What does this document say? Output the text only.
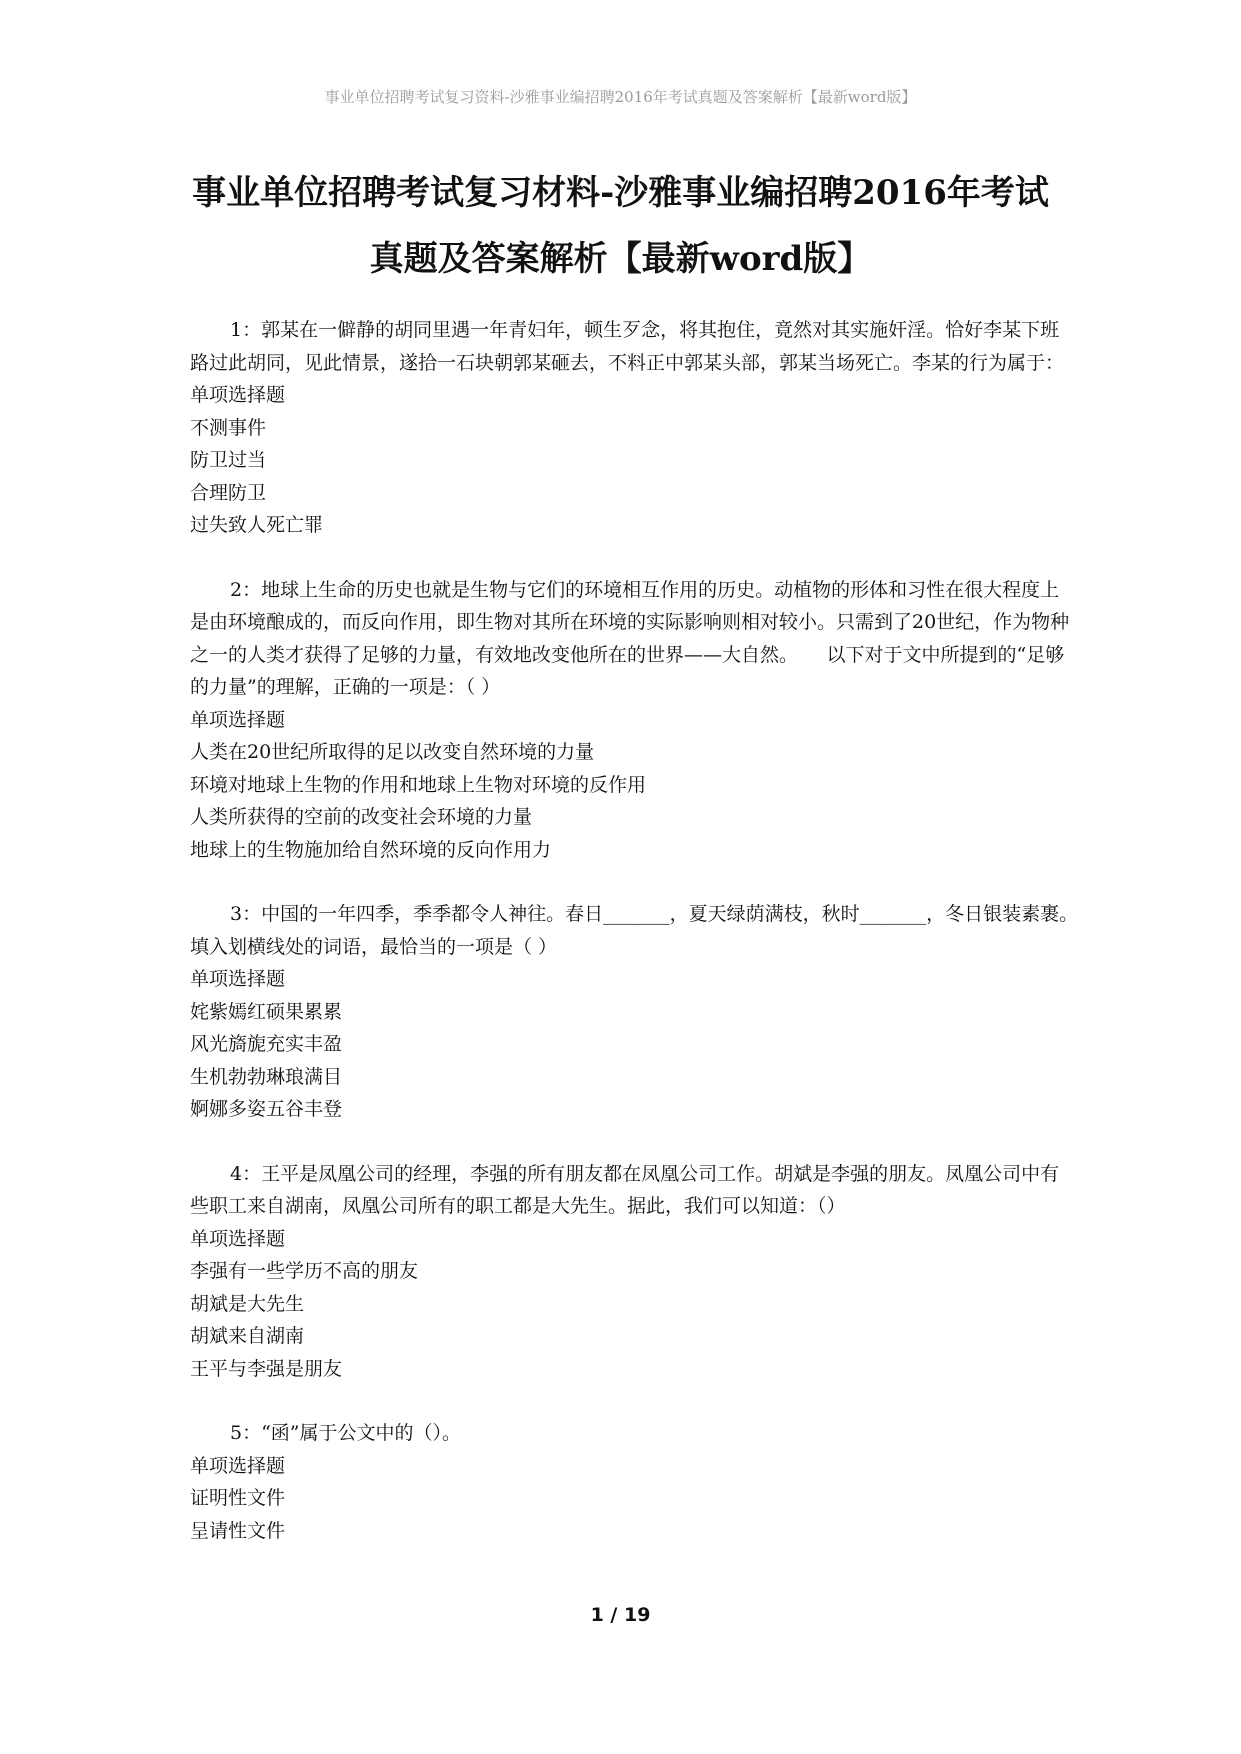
事业单位招聘考试复习资料-沙雅事业编招聘2016年考试真题及答案解析【最新word版】
事业单位招聘考试复习材料-沙雅事业编招聘2016年考试
真题及答案解析【最新word版】
1：郭某在一僻静的胡同里遇一年青妇年，顿生歹念，将其抱住，竟然对其实施奸淫。恰好李某下班路过此胡同，见此情景，遂拾一石块朝郭某砸去，不料正中郭某头部，郭某当场死亡。李某的行为属于：
单项选择题
不测事件
防卫过当
合理防卫
过失致人死亡罪
2：地球上生命的历史也就是生物与它们的环境相互作用的历史。动植物的形体和习性在很大程度上是由环境酿成的，而反向作用，即生物对其所在环境的实际影响则相对较小。只需到了20世纪，作为物种之一的人类才获得了足够的力量，有效地改变他所在的世界——大自然。　　以下对于文中所提到的“足够的力量”的理解，正确的一项是：（ ）
单项选择题
人类在20世纪所取得的足以改变自然环境的力量
环境对地球上生物的作用和地球上生物对环境的反作用
人类所获得的空前的改变社会环境的力量
地球上的生物施加给自然环境的反向作用力
3：中国的一年四季，季季都令人神往。春日_______，夏天绿荫满枝，秋时_______，冬日银装素裹。　　填入划横线处的词语，最恰当的一项是（ ）
单项选择题
姹紫嫣红硕果累累
风光旖旎充实丰盈
生机勃勃琳琅满目
婀娜多姿五谷丰登
4：王平是凤凰公司的经理，李强的所有朋友都在凤凰公司工作。胡斌是李强的朋友。凤凰公司中有些职工来自湖南，凤凰公司所有的职工都是大先生。据此，我们可以知道：（）
单项选择题
李强有一些学历不高的朋友
胡斌是大先生
胡斌来自湖南
王平与李强是朋友
5：“函”属于公文中的（）。
单项选择题
证明性文件
呈请性文件
1 / 19
